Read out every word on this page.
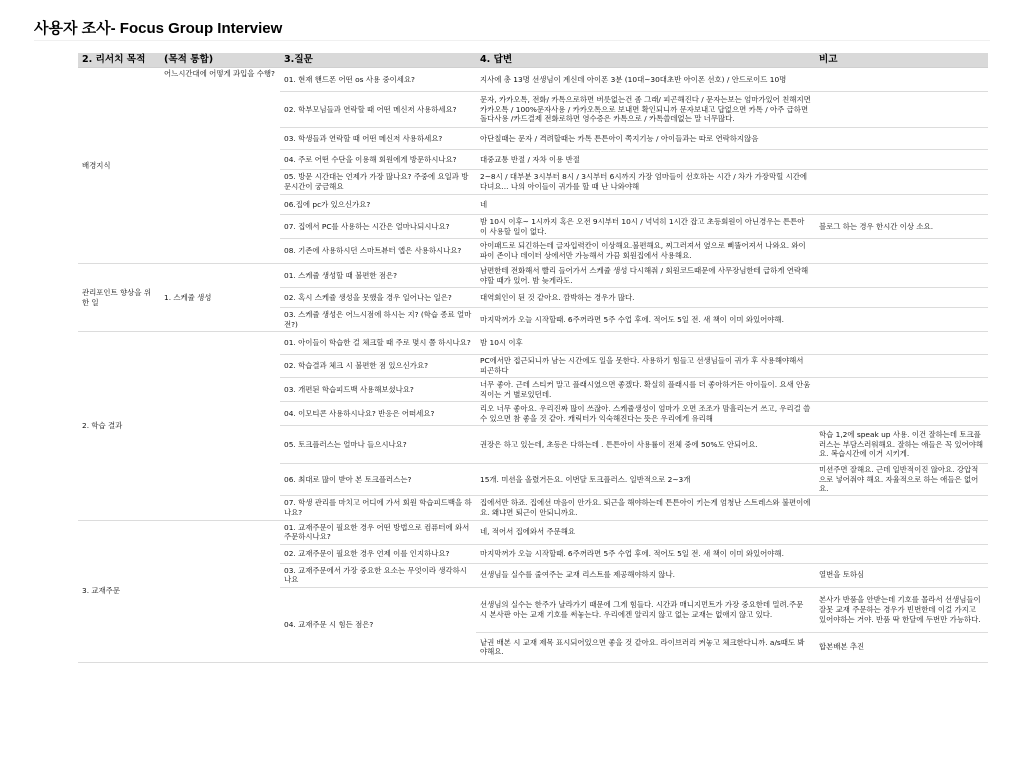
사용자 조사- Focus Group Interview
2. 리서치 목적	(목적 통합)	3.질문	4. 답변	비고
배경지식	어느시간대에 어떻게 과입을 수행?	01. 현재 핸드폰 어떤 os 사용 중이세요?	지사에 총 13명 선생님이 계신데 아이폰 3분 (10대~30대초반 아이폰 선호) / 안드로이드 10명	
		02. 학부모님들과 연락할 때 어떤 메신저 사용하세요?	문자, 카카오톡, 전화/ 카톡으로하면 버릇없는건 좀 그래/ 피곤해진다 / 문자는보는 엄마가있어 친해지면 카카오톡 / 100%문자사용 / 카카오톡으로 보내면 확인되니까 문자보내고 답없으면 카톡 / 아주 급하면 돌다사용 /카드결제 전화로하면 영수증은 카톡으로 / 카톡쓸데없는 말 너무많다.	
		03. 학생들과 연락할 때 어떤 메신저 사용하세요?	아단칠때는 문자 / 격려할때는 카톡 튼튼아이 쪽지기능 / 아이들과는 따로 연락하지않음	
		04. 주로 어떤 수단을 이용해 회원에게 방문하시나요?	대중교통 반절 / 자차 이용 반절	
		05. 방문 시간대는 언제가 가장 많나요? 주중에 요일과 방문시간이 궁금해요	2~8시 / 대부분 3시부터 8시 / 3시부터 6시까지 가장 엄마들이 선호하는 시간 / 차가 가장막힐 시간에 다녀요... 나의 아이들이 귀가를 할 때 난 나와야해	
		06.집에 pc가 있으신가요?	네	
		07. 집에서 PC를 사용하는 시간은 얼마나되시나요?	밤 10시 이후~ 1시까지 혹은 오전 9시부터 10시 / 넉넉히 1시간 잡고 초등회원이 아닌경우는 튼튼아이 사용할 일이 없다.	블로그 하는 경우 한시간 이상 소요.
		08. 기존에 사용하시던 스마트뷰터 앱은 사용하시나요?	아이패드로 되긴하는데 글자입력칸이 이상해요.불편해요, 찌그러져서 옆으로 삐뚤어져서 나와요. 와이파이 존이나 데이터 상에서만 가능해서 가끔 회원집에서 사용해요.	
관리포인트 향상을 위한 일	1. 스케쥴 생성	01. 스케쥴 생성할 때 불편한 점은?	남편한테 전화해서 빨리 들어가서 스케쥴 생성 다시해줘 / 회원코드때문에 사무장님한테 급하게 연락해야할 때가 있어. 밤 늦게라도.	
		02. 혹시 스케쥴 생성을 못했을 경우 일어나는 일은?	대역회인이 된 것 같아요. 깜박하는 경우가 많다.	
		03. 스케쥴 생성은 어느시점에 하시는 지? (학습 종료 얼마전?)	마지막꺼가 오늘 시작할때. 6주꺼라면 5주 수업 후에. 적어도 5일 전. 새 책이 이미 와있어야해.	
2. 학습 결과		01. 아이들이 학습한 걸 체크할 때 주로 몇시 쯤 하시나요?	밤 10시 이후	
		02. 학습결과 체크 시 불편한 점 있으신가요?	PC에서만 접근되니까 남는 시간에도 일을 못한다. 사용하기 힘들고 선생님들이 귀가 후 사용해야해서 피곤하다	
		03. 개편된 학습피드백 사용해보셨나요?	너무 좋아. 근데 스티커 말고 플래시였으면 좋겠다. 확실히 플래시를 더 좋아하거든 아이들이. 요새 안움직이는 거 별로있던데.	
		04. 이모티콘 사용하시나요? 반응은 어떠세요?	리오 너무 좋아요. 우리진짜 많이 쓰잖아. 스케쥴생성이 엄마가 오면 조조가 맘흘리는거 쓰고, 우리걸 쓸 수 있으면 참 좋을 것 같아. 캐릭터가 익숙해진다는 뜻은 우리에게 유리해	
		05. 토크플러스는 얼마나 들으시나요?	권장은 하고 있는데, 초등은 다하는데 . 튼튼아이 사용률이 전체 중에 50%도 안되어요.	학습 1,2에 speak up 사용. 이건 잘하는데 토크플러스는 부담스러워해요. 잘하는 애들은 꼭 있어야해요. 복습시간에 이거 시키게.
		06. 최대로 많이 받아 본 토크플러스는?	15개. 미션을 올렸거든요. 이번달 토크플러스. 일반적으로 2~3개	미션주면 잘해요. 근데 일반적이진 않아요. 강압적으로 넣어줘야 해요. 자율적으로 하는 애들은 없어요.
		07. 학생 관리를 마치고 어디에 가서 회원 학습피드백을 하나요?	집에서만 하죠. 집에선 마음이 안가요. 퇴근을 해야하는데 튼튼아이 키는게 엄청난 스트레스와 불편이에요. 왜냐면 퇴근이 안되니까요.	
3. 교재주문		01. 교재주문이 필요한 경우 어떤 방법으로 컴퓨터에 와서 주문하시나요?	네, 적어서 집에와서 주문해요	
		02. 교재주문이 필요한 경우 언제 이를 인지하나요?	마지막꺼가 오늘 시작할때. 6주꺼라면 5주 수업 후에. 적어도 5일 전. 새 책이 이미 와있어야해.	
		03. 교재주문에서 가장 중요한 요소는 무엇이라 생각하시나요	선생님들 실수를 줄여주는 교재 리스트를 제공해야하지 않나.	열번을 토하심
		04. 교재주문 시 힘든 점은?	선생님의 실수는 한주가 날라가기 때문에 그게 힘들다. 시간과 매니지먼트가 가장 중요한데 밀려.주문 시 본사판 아는 교재 기호를 써놓는다. 우리에겐 알리지 않고 없는 교재는 없애지 않고 있다.	본사가 반품을 안받는데 기호를 몰라서 선생님들이 잘못 교재 주문하는 경우가 빈번한데 이걸 가지고 있어야하는 거야. 반품 딱 한달에 두번만 가능하다.
			낱권 배본 시 교재 제목 표시되어있으면 좋을 것 같아요. 라이브러리 켜놓고 체크한다니까. a/s때도 봐야해요.	합본배본 추진
